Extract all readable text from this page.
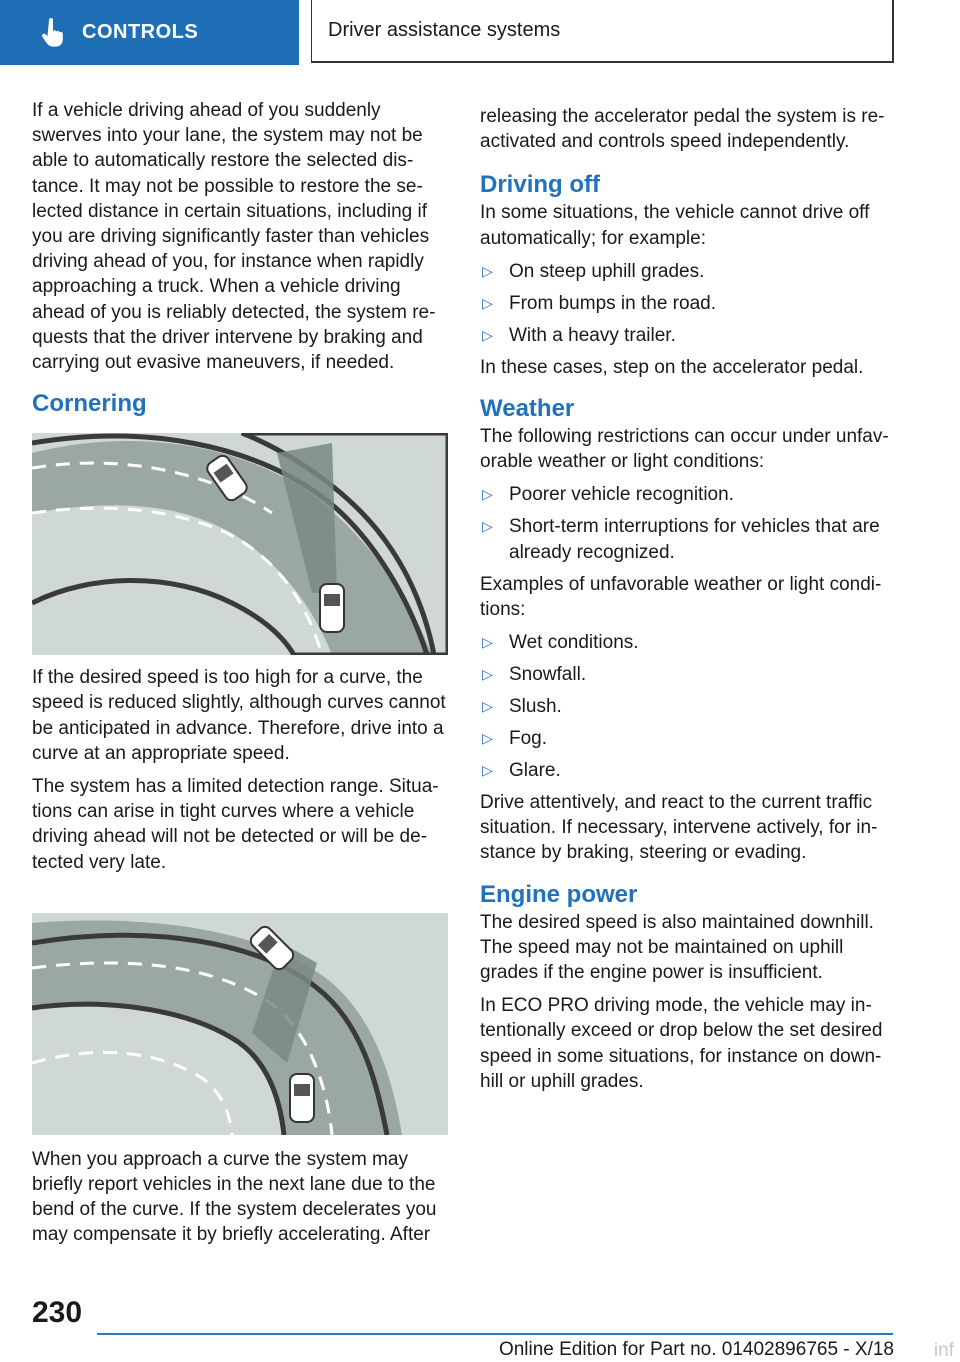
CONTROLS	Driver assistance systems

If a vehicle driving ahead of you suddenly swerves into your lane, the system may not be able to automatically restore the selected distance. It may not be possible to restore the selected distance in certain situations, including if you are driving significantly faster than vehicles driving ahead of you, for instance when rapidly approaching a truck. When a vehicle driving ahead of you is reliably detected, the system requests that the driver intervene by braking and carrying out evasive maneuvers, if needed.

Cornering

If the desired speed is too high for a curve, the speed is reduced slightly, although curves cannot be anticipated in advance. Therefore, drive into a curve at an appropriate speed.

The system has a limited detection range. Situations can arise in tight curves where a vehicle driving ahead will not be detected or will be detected very late.

When you approach a curve the system may briefly report vehicles in the next lane due to the bend of the curve. If the system decelerates you may compensate it by briefly accelerating. After

releasing the accelerator pedal the system is reactivated and controls speed independently.

Driving off

In some situations, the vehicle cannot drive off automatically; for example:

▷ On steep uphill grades.
▷ From bumps in the road.
▷ With a heavy trailer.

In these cases, step on the accelerator pedal.

Weather

The following restrictions can occur under unfavorable weather or light conditions:

▷ Poorer vehicle recognition.
▷ Short-term interruptions for vehicles that are already recognized.

Examples of unfavorable weather or light conditions:

▷ Wet conditions.
▷ Snowfall.
▷ Slush.
▷ Fog.
▷ Glare.

Drive attentively, and react to the current traffic situation. If necessary, intervene actively, for instance by braking, steering or evading.

Engine power

The desired speed is also maintained downhill. The speed may not be maintained on uphill grades if the engine power is insufficient.

In ECO PRO driving mode, the vehicle may intentionally exceed or drop below the set desired speed in some situations, for instance on downhill or uphill grades.

230
Online Edition for Part no. 01402896765 - X/18 inf
